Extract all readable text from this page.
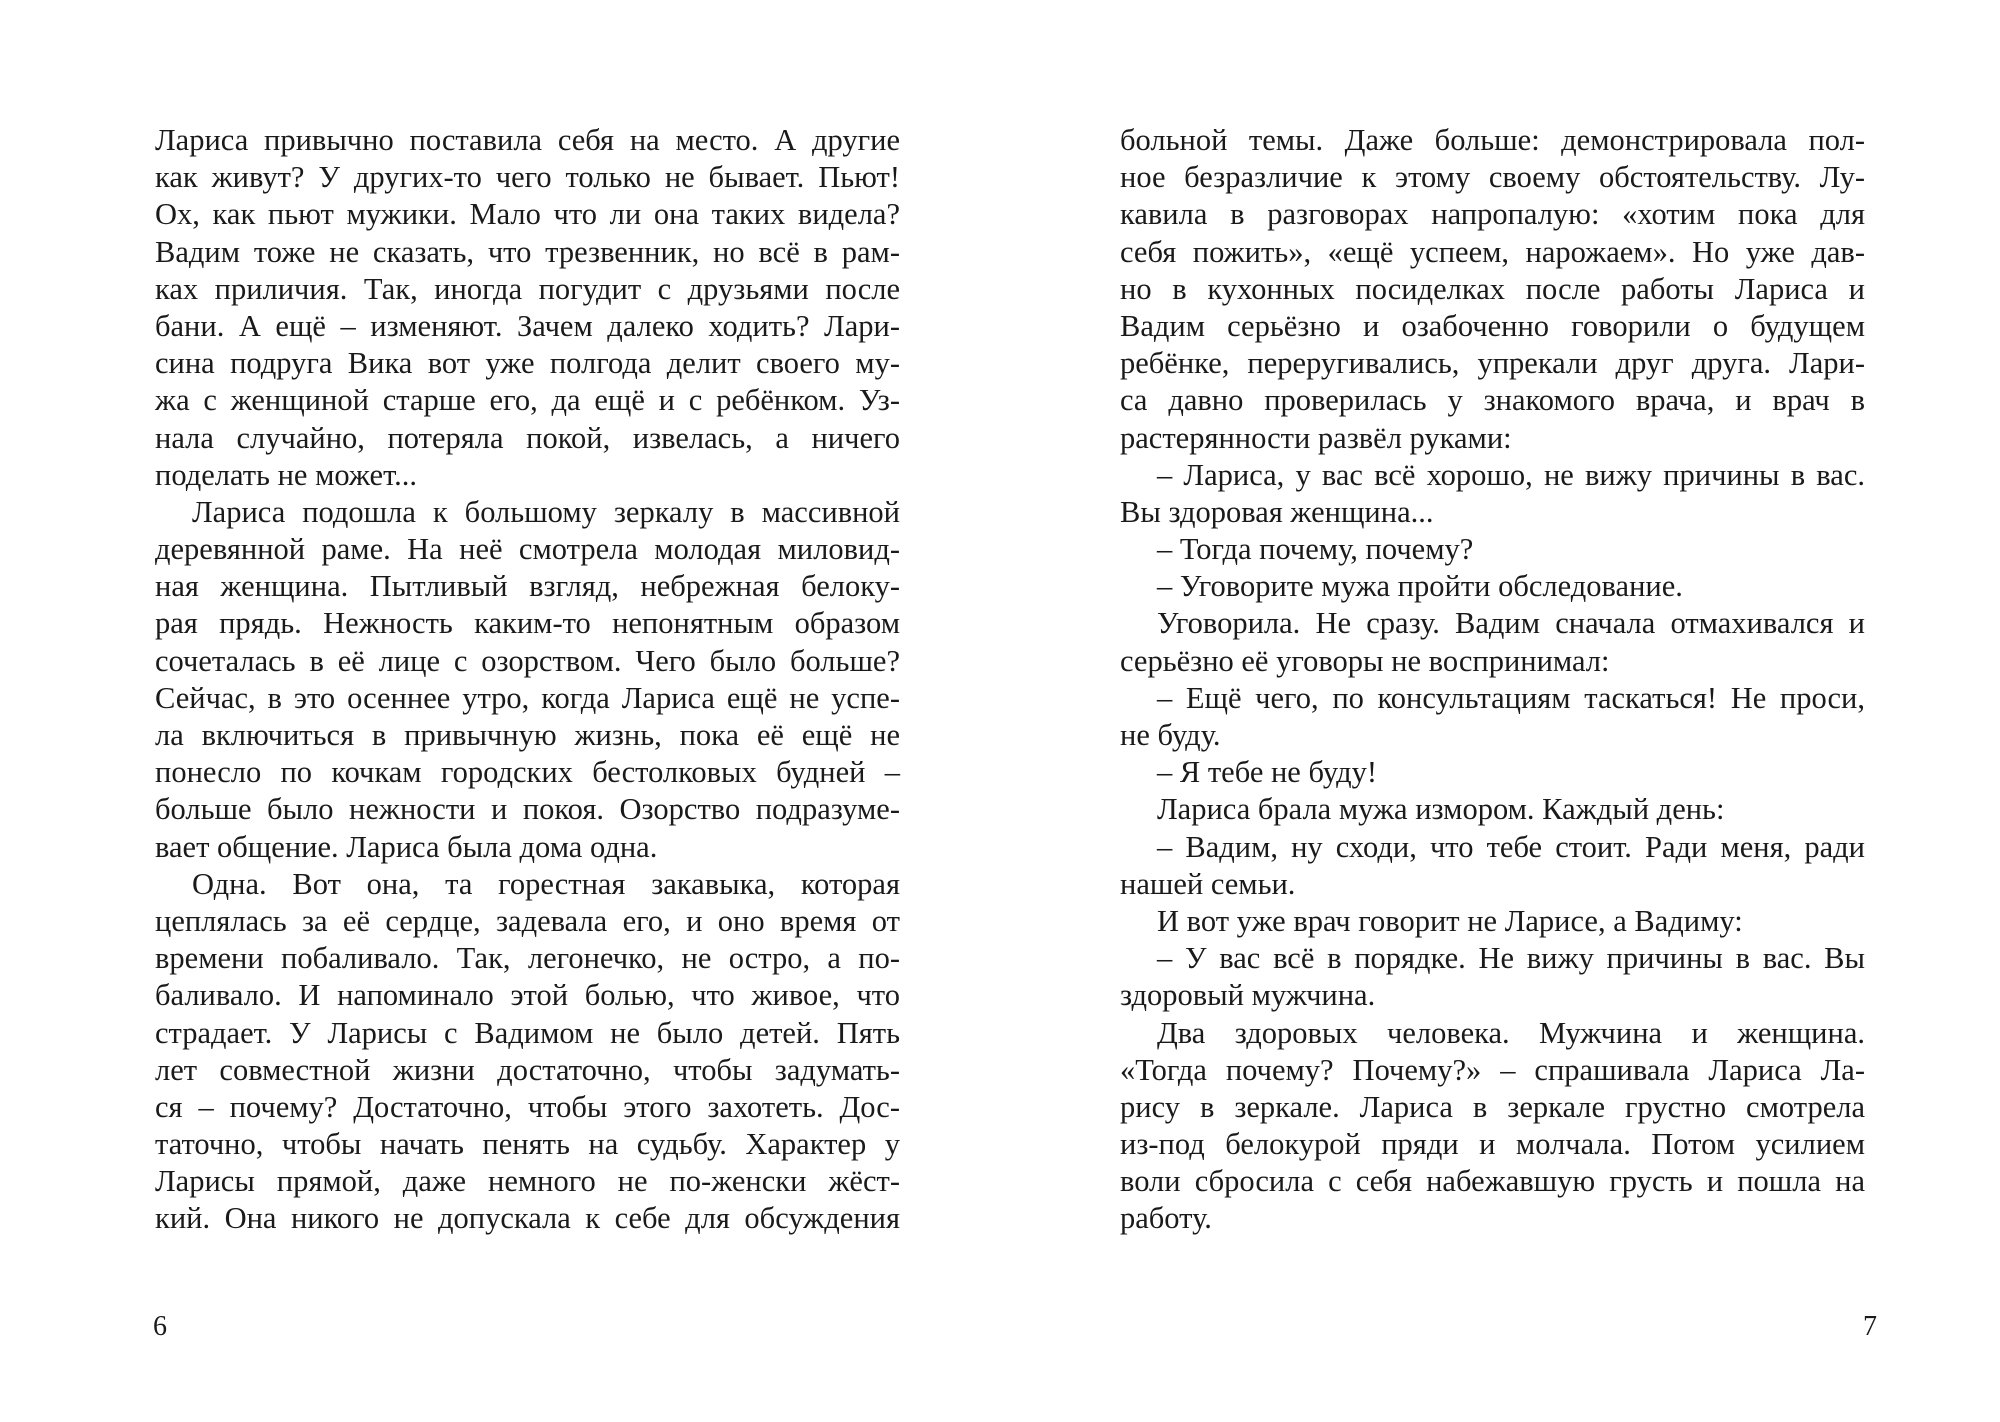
Лариса привычно поставила себя на место. А другие
как живут? У других-то чего только не бывает. Пьют!
Ох, как пьют мужики. Мало что ли она таких видела?
Вадим тоже не сказать, что трезвенник, но всё в рам-
ках приличия. Так, иногда погудит с друзьями после
бани. А ещё – изменяют. Зачем далеко ходить? Лари-
сина подруга Вика вот уже полгода делит своего му-
жа с женщиной старше его, да ещё и с ребёнком. Уз-
нала случайно, потеряла покой, извелась, а ничего
поделать не может...
Лариса подошла к большому зеркалу в массивной
деревянной раме. На неё смотрела молодая миловид-
ная женщина. Пытливый взгляд, небрежная белоку-
рая прядь. Нежность каким-то непонятным образом
сочеталась в её лице с озорством. Чего было больше?
Сейчас, в это осеннее утро, когда Лариса ещё не успе-
ла включиться в привычную жизнь, пока её ещё не
понесло по кочкам городских бестолковых будней –
больше было нежности и покоя. Озорство подразуме-
вает общение. Лариса была дома одна.
Одна. Вот она, та горестная закавыка, которая
цеплялась за её сердце, задевала его, и оно время от
времени побаливало. Так, легонечко, не остро, а по-
баливало. И напоминало этой болью, что живое, что
страдает. У Ларисы с Вадимом не было детей. Пять
лет совместной жизни достаточно, чтобы задумать-
ся – почему? Достаточно, чтобы этого захотеть. Дос-
таточно, чтобы начать пенять на судьбу. Характер у
Ларисы прямой, даже немного не по-женски жёст-
кий. Она никого не допускала к себе для обсуждения
6
больной темы. Даже больше: демонстрировала пол-
ное безразличие к этому своему обстоятельству. Лу-
кавила в разговорах напропалую: «хотим пока для
себя пожить», «ещё успеем, нарожаем». Но уже дав-
но в кухонных посиделках после работы Лариса и
Вадим серьёзно и озабоченно говорили о будущем
ребёнке, переругивались, упрекали друг друга. Лари-
са давно проверилась у знакомого врача, и врач в
растерянности развёл руками:
– Лариса, у вас всё хорошо, не вижу причины в вас.
Вы здоровая женщина...
– Тогда почему, почему?
– Уговорите мужа пройти обследование.
Уговорила. Не сразу. Вадим сначала отмахивался и
серьёзно её уговоры не воспринимал:
– Ещё чего, по консультациям таскаться! Не проси,
не буду.
– Я тебе не буду!
Лариса брала мужа измором. Каждый день:
– Вадим, ну сходи, что тебе стоит. Ради меня, ради
нашей семьи.
И вот уже врач говорит не Ларисе, а Вадиму:
– У вас всё в порядке. Не вижу причины в вас. Вы
здоровый мужчина.
Два здоровых человека. Мужчина и женщина.
«Тогда почему? Почему?» – спрашивала Лариса Ла-
рису в зеркале. Лариса в зеркале грустно смотрела
из-под белокурой пряди и молчала. Потом усилием
воли сбросила с себя набежавшую грусть и пошла на
работу.
7
